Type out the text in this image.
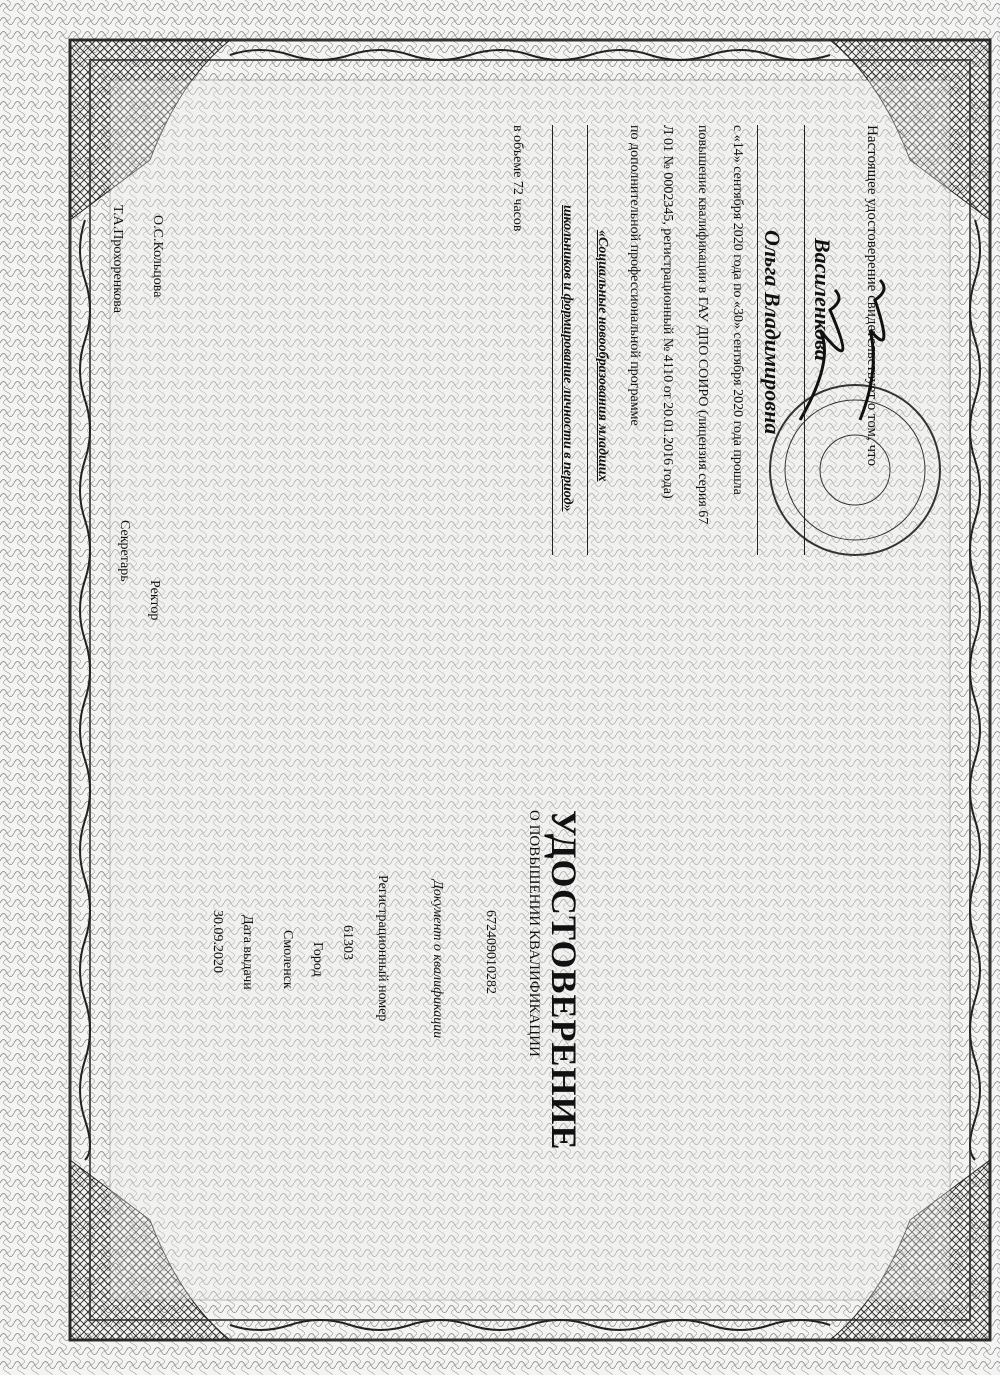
Настоящее удостоверение свидетельствует о том, что
Василенкова
Ольга Владимировна
с «14» сентября 2020 года по «30» сентября 2020 года прошла
повышение квалификации в ГАУ ДПО СОИРО (лицензия серия 67
Л 01 № 0002345, регистрационный № 4110 от 20.01.2016 года)
по дополнительной профессиональной программе
«Социальные новообразования младших
школьников и формирование личности в период»
в объеме 72 часов
УДОСТОВЕРЕНИЕ
О ПОВЫШЕНИИ КВАЛИФИКАЦИИ
672409010282
Документ о квалификации
Регистрационный номер
61303
Город
Смоленск
Дата выдачи
30.09.2020
О.С.Кольцова
Т.А.Прохоренкова
Ректор
Секретарь
